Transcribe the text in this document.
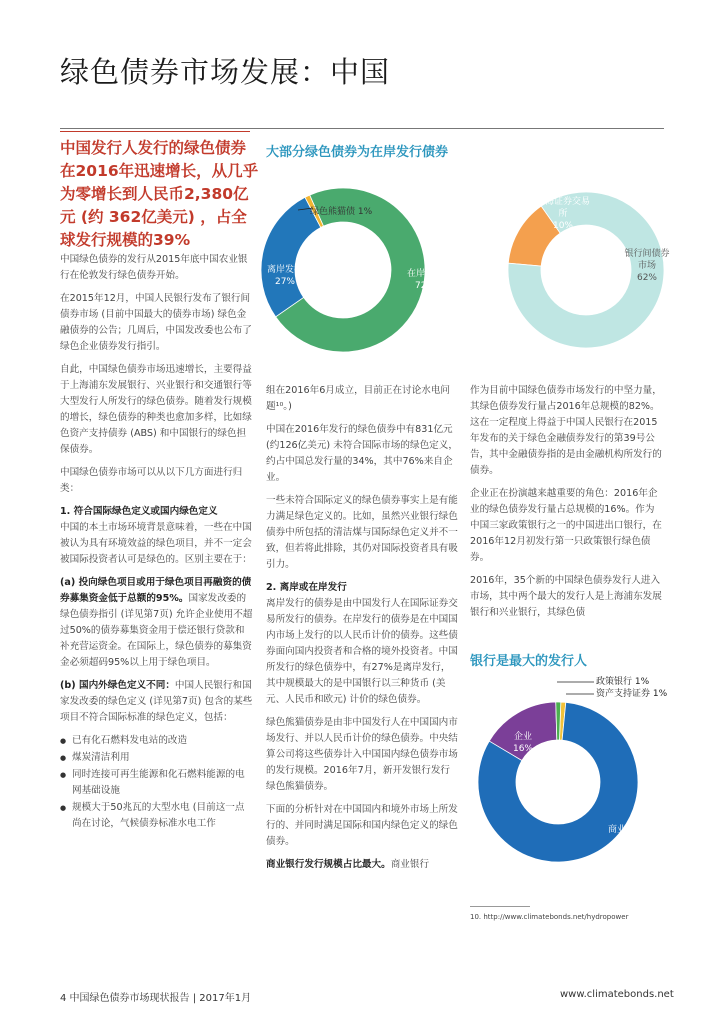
绿色债券市场发展：中国

中国发行人发行的绿色债券在2016年迅速增长，从几乎为零增长到人民币2,380亿元 (约 362亿美元) ，占全球发行规模的39%

中国绿色债券的发行从2015年底中国农业银行在伦敦发行绿色债券开始。

在2015年12月，中国人民银行发布了银行间债券市场 (目前中国最大的债券市场) 绿色金融债券的公告；几周后，中国发改委也公布了绿色企业债券发行指引。

自此，中国绿色债券市场迅速增长，主要得益于上海浦东发展银行、兴业银行和交通银行等大型发行人所发行的绿色债券。随着发行规模的增长，绿色债券的种类也愈加多样，比如绿色资产支持债券 (ABS) 和中国银行的绿色担保债券。

中国绿色债券市场可以从以下几方面进行归类：

1. 符合国际绿色定义或国内绿色定义

中国的本土市场环境背景意味着，一些在中国被认为具有环境效益的绿色项目，并不一定会被国际投资者认可是绿色的。区别主要在于：

(a) 投向绿色项目或用于绿色项目再融资的债券募集资金低于总额的95%。国家发改委的绿色债券指引 (详见第7页) 允许企业使用不超过50%的债券募集资金用于偿还银行贷款和补充营运资金。在国际上，绿色债券的募集资金必须超码95%以上用于绿色项目。

(b) 国内外绿色定义不同：中国人民银行和国家发改委的绿色定义 (详见第7页) 包含的某些项目不符合国际标准的绿色定义，包括：

● 已有化石燃料发电站的改造
● 煤炭清洁利用
● 同时连接可再生能源和化石燃料能源的电网基础设施
● 规模大于50兆瓦的大型水电 (目前这一点尚在讨论，气候债券标准水电工作

组在2016年6月成立，目前正在讨论水电问题¹⁰。)

中国在2016年发行的绿色债券中有831亿元 (约126亿美元) 未符合国际市场的绿色定义，约占中国总发行量的34%，其中76%来自企业。

一些未符合国际定义的绿色债券事实上是有能力满足绿色定义的。比如，虽然兴业银行绿色债券中所包括的清洁煤与国际绿色定义并不一致，但若将此排除，其仍对国际投资者具有吸引力。

2. 离岸或在岸发行

离岸发行的债券是由中国发行人在国际证券交易所发行的债券。在岸发行的债券是在中国国内市场上发行的以人民币计价的债券。这些债券面向国内投资者和合格的境外投资者。中国所发行的绿色债券中，有27%是离岸发行，其中规模最大的是中国银行以三种货币 (美元、人民币和欧元) 计价的绿色债券。

绿色熊猫债券是由非中国发行人在中国国内市场发行、并以人民币计价的绿色债券。中央结算公司将这些债券计入中国国内绿色债券市场的发行规模。2016年7月，新开发银行发行绿色熊猫债券。

下面的分析针对在中国国内和境外市场上所发行的、并同时满足国际和国内绿色定义的绿色债券。

商业银行发行规模占比最大。商业银行

作为目前中国绿色债券市场发行的中坚力量，其绿色债券发行量占2016年总规模的82%。这在一定程度上得益于中国人民银行在2015年发布的关于绿色金融债券发行的第39号公告，其中金融债券指的是由金融机构所发行的债券。

企业正在扮演越来越重要的角色：2016年企业的绿色债券发行量占总规模的16%。作为中国三家政策银行之一的中国进出口银行，在2016年12月初发行第一只政策银行绿色债券。

2016年，35个新的中国绿色债券发行人进入市场，其中两个最大的发行人是上海浦东发展银行和兴业银行，其绿色债

大部分绿色债券为在岸发行债券
绿色熊猫债 1%
在岸发行
72%
离岸发行
27%
上海证券交易所
10%
银行间债券市场
62%
银行是最大的发行人
政策银行 1%
资产支持证券 1%
企业
16%
商业银行
82%
10. http://www.climatebonds.net/hydropower
4 中国绿色债券市场现状报告 | 2017年1月	www.climatebonds.net
